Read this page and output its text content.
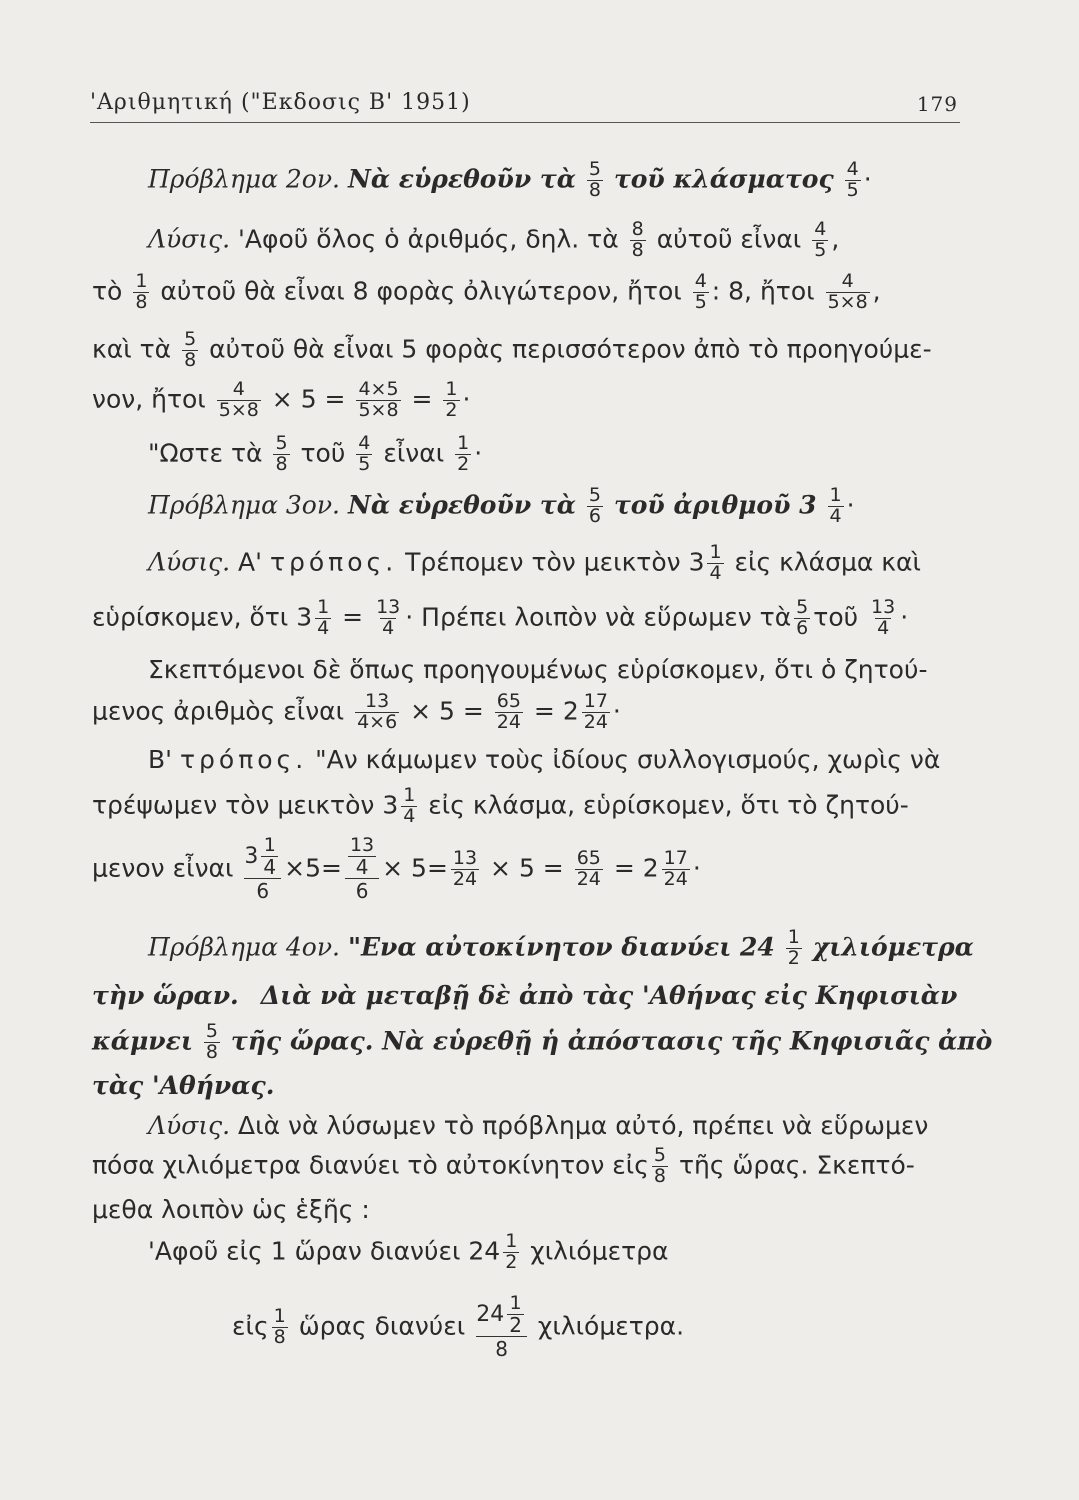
'Αριθμητική ("Εκδοσις Β' 1951)	179
Πρόβλημα 2ον. Νὰ εὑρεθοῦν τὰ $\frac{5}{8}$ τοῦ κλάσματος $\frac{4}{5}$ ·
Λύσις. 'Αφοῦ ὅλος ὁ ἀριθμός, δηλ. τὰ $\frac{8}{8}$ αὐτοῦ εἶναι $\frac{4}{5}$ ,
τὸ $\frac{1}{8}$ αὐτοῦ θὰ εἶναι 8 φορὰς ὀλιγώτερον, ἤτοι $\frac{4}{5}$ : 8, ἤτοι $\frac{4}{5\times 8}$ ,
καὶ τὰ $\frac{5}{8}$ αὐτοῦ θὰ εἶναι 5 φορὰς περισσότερον ἀπὸ τὸ προηγούμε-
νον, ἤτοι $\frac{4}{5\times 8} \times 5 = \frac{4\times 5}{5\times 8} = \frac{1}{2}$ ·
"Ωστε τὰ $\frac{5}{8}$ τοῦ $\frac{4}{5}$ εἶναι $\frac{1}{2}$ ·
Πρόβλημα 3ον. Νὰ εὑρεθοῦν τὰ $\frac{5}{6}$ τοῦ ἀριθμοῦ $3 \frac{1}{4}$ ·
Λύσις. Α' τρόπος. Τρέπομεν τὸν μεικτὸν $3 \frac{1}{4}$ εἰς κλάσμα καὶ
εὑρίσκομεν, ὅτι $3 \frac{1}{4} = \frac{13}{4} \cdot \Pi\rho έ\pi\varepsilon\iota$ λοιπὸν νὰ εὕρωμεν τὰ $\frac{5}{6}$ τοῦ $\frac{13}{4}$ ·
Σκεπτόμενοι δὲ ὅπως προηγουμένως εὑρίσκομεν, ὅτι ὁ ζητού-
μενος ἀριθμὸς εἶναι $\frac{13}{4\times 6} \times 5 = \frac{65}{24} = 2 \frac{17}{24}$ ·
Β' τρόπος. "Αν κάμωμεν τοὺς ἰδίους συλλογισμούς, χωρὶς νὰ
τρέψωμεν τὸν μεικτὸν $3 \frac{1}{4}$ εἰς κλάσμα, εὑρίσκομεν, ὅτι τὸ ζητού-
μενον εἶναι $\frac{3 \frac{1}{4}}{6} \times 5= \frac{\frac{13}{4}}{6} \times 5= \frac{13}{24} \times 5 = \frac{65}{24} = 2 \frac{17}{24}$ ·
Πρόβλημα 4ον. "Ενα αὐτοκίνητον διανύει $24 \frac{1}{2}$ χιλιόμετρα
τὴν ὥραν. Διὰ νὰ μεταβῇ δὲ ἀπὸ τὰς 'Αθήνας εἰς Κηφισιὰν
κάμνει $\frac{5}{8}$ τῆς ὥρας. Νὰ εὑρεθῇ ἡ ἀπόστασις τῆς Κηφισιᾶς ἀπὸ
τὰς 'Αθήνας.
Λύσις. Διὰ νὰ λύσωμεν τὸ πρόβλημα αὐτό, πρέπει νὰ εὕρωμεν
πόσα χιλιόμετρα διανύει τὸ αὐτοκίνητον εἰς $\frac{5}{8}$ τῆς ὥρας. Σκεπτό-
μεθα λοιπὸν ὡς ἑξῆς :
'Αφοῦ εἰς 1 ὥραν διανύει $24 \frac{1}{2}$ χιλιόμετρα
εἰς $\frac{1}{8}$ ὥρας διανύει $\frac{24 \frac{1}{2}}{8} \chi\iota\lambda\iota ό\mu\varepsilon\tau\rho\alpha$.
